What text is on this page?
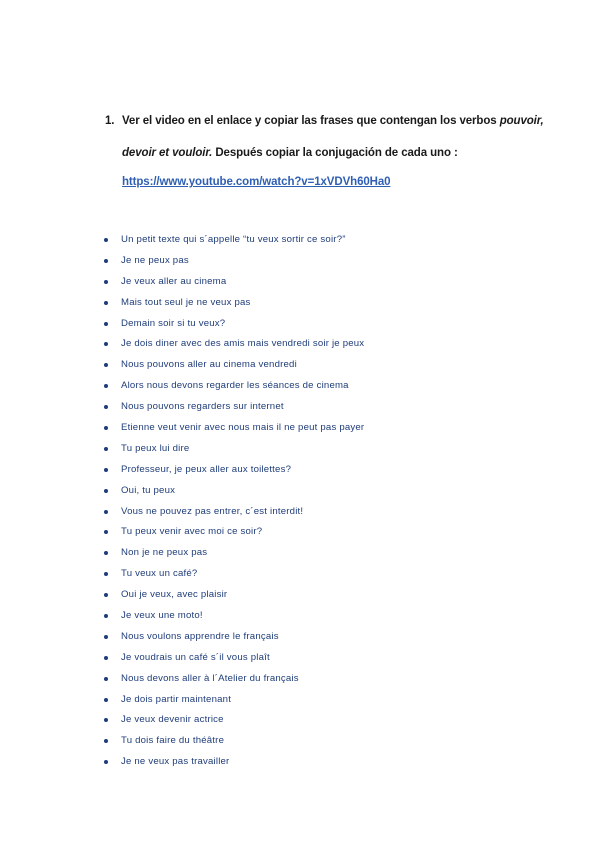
1. Ver el video en el enlace y copiar las frases que contengan los verbos pouvoir,
devoir et vouloir. Después copiar la conjugación de cada uno :
https://www.youtube.com/watch?v=1xVDVh60Ha0
Un petit texte qui s´appelle “tu veux sortir ce soir?”
Je ne peux pas
Je veux aller au cinema
Mais tout seul je ne veux pas
Demain soir si tu veux?
Je dois diner avec des amis mais vendredi soir je peux
Nous pouvons aller au cinema vendredi
Alors nous devons regarder les séances de cinema
Nous pouvons regarders sur internet
Etienne veut venir avec nous mais il ne peut pas payer
Tu peux lui dire
Professeur, je peux aller aux toilettes?
Oui, tu peux
Vous ne pouvez pas entrer, c´est interdit!
Tu peux venir avec moi ce soir?
Non je ne peux pas
Tu veux un café?
Oui je veux, avec plaisir
Je veux une moto!
Nous voulons apprendre le français
Je voudrais un café s´il vous plaît
Nous devons aller à l´Atelier du français
Je dois partir maintenant
Je veux devenir actrice
Tu dois faire du théâtre
Je ne veux pas travailler
